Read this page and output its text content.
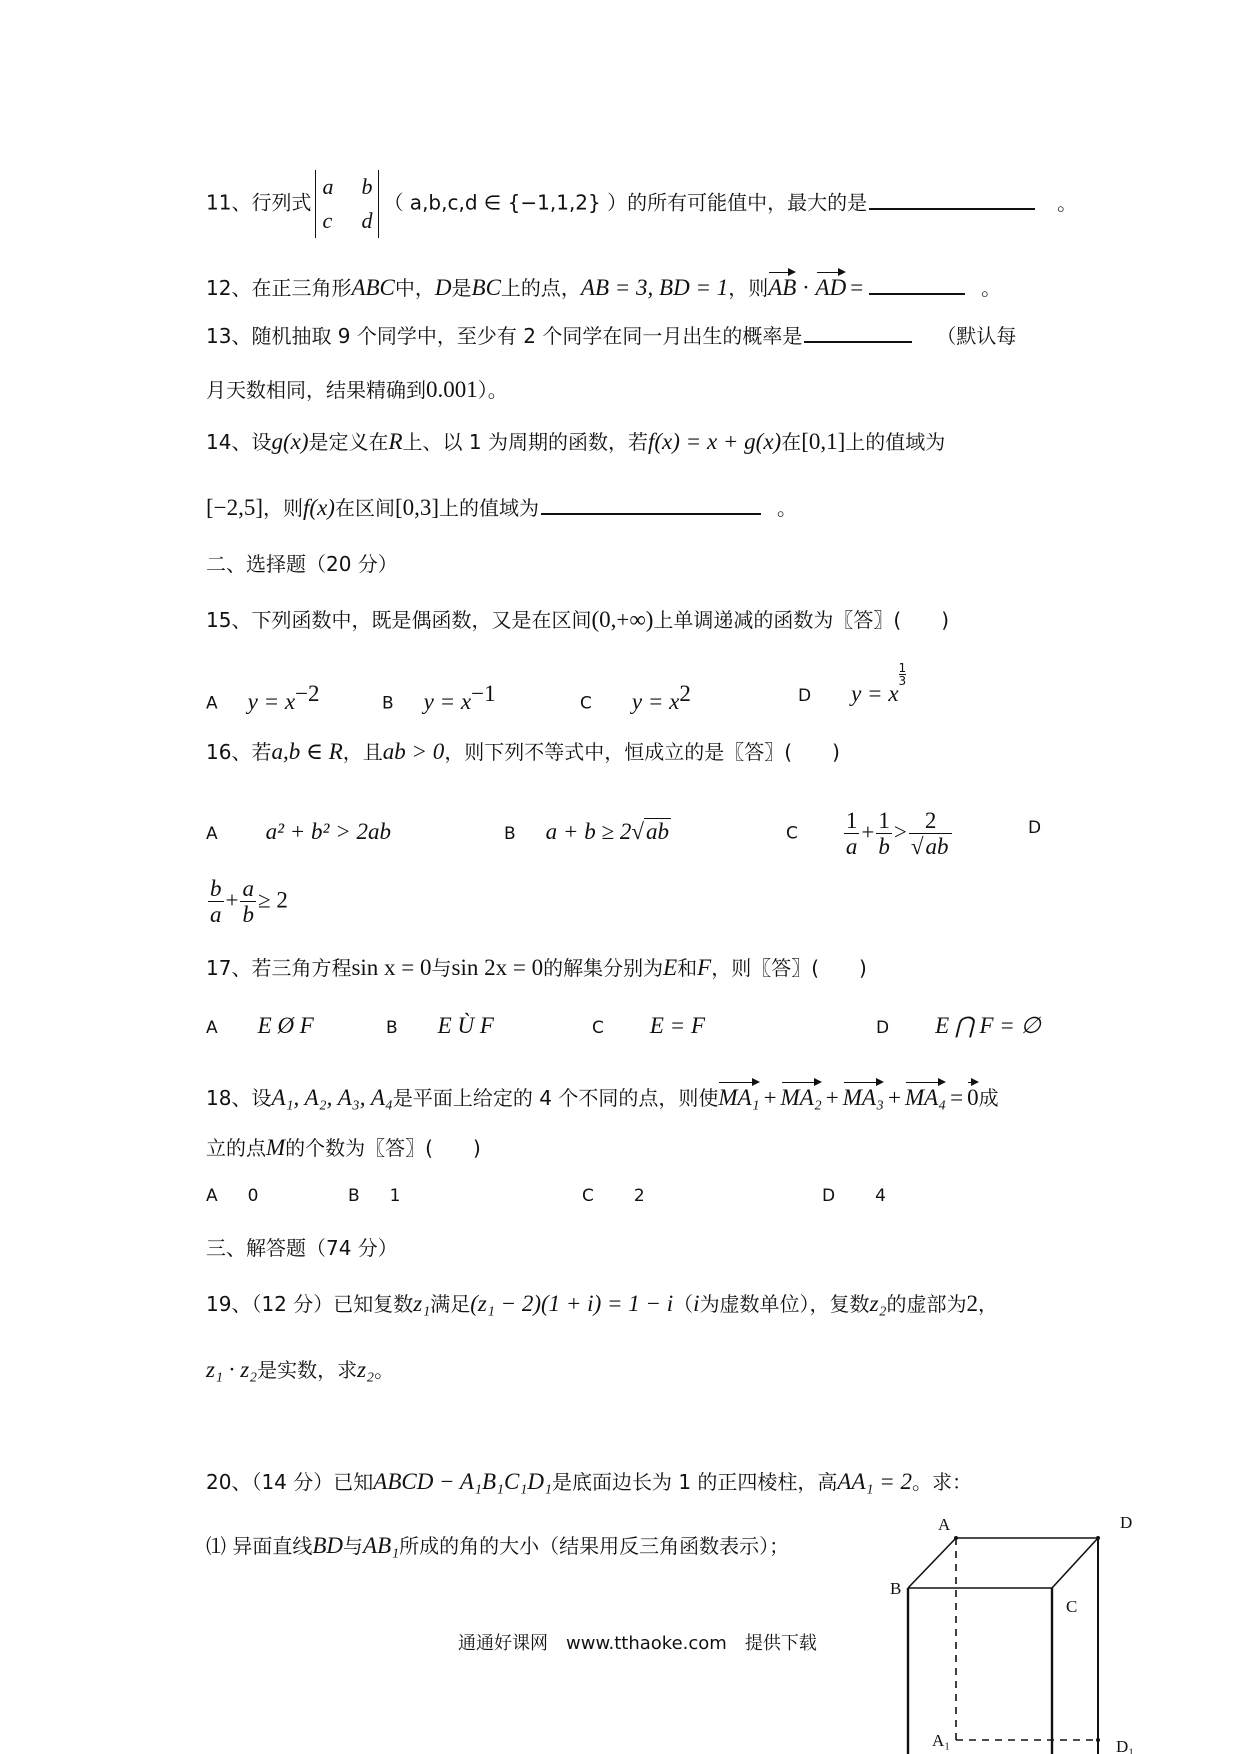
11、行列式a b
c d（ a,b,c,d ∈ {−1,1,2} ）的所有可能值中，最大的是	。
12、在正三角形ABC中，D是BC上的点，AB = 3, BD = 1，则AB · AD =	。
13、随机抽取 9 个同学中，至少有 2 个同学在同一月出生的概率是	（默认每
月天数相同，结果精确到0.001）。
14、设g(x)是定义在R上、以 1 为周期的函数，若f(x) = x + g(x)在[0,1]上的值域为
[−2,5]，则f(x)在区间[0,3]上的值域为	。
二、选择题（20 分）
15、下列函数中，既是偶函数，又是在区间(0,+∞)上单调递减的函数为〖答〗(　　)
A $y = x^{-2}$	B $y = x^{-1}$	C $y = x^2$	D y = x
$\frac{1}{3}$
16、若a,b ∈ R，且ab > 0，则下列不等式中，恒成立的是〖答〗(　　)
A a² + b² > 2ab	B a + b ≥ 2√ab	C $\frac{1}{a} + \frac{1}{b} > \frac{2}{√ab}$	D
$\frac{b}{a} + \frac{a}{b} \ge 2$
17、若三角方程sin x = 0与sin 2x = 0的解集分别为E和F，则〖答〗(　　)
A E Ø F	B E Ù F	C E = F	D E ⋂ F = ∅
18、设A₁, A₂, A₃, A₄是平面上给定的 4 个不同的点，则使MA₁ + MA₂ + MA₃ + MA₄ = 0成
立的点M的个数为〖答〗(　　)
A 0	B 1	C 2	D 4
三、解答题（74 分）
19、（12 分）已知复数z₁满足(z₁ − 2)(1 + i) = 1 − i（i为虚数单位），复数z₂的虚部为2，
z₁ · z₂是实数，求z₂。
20、（14 分）已知ABCD − A₁B₁C₁D₁是底面边长为 1 的正四棱柱，高AA₁ = 2。求：
⑴ 异面直线BD与AB₁所成的角的大小（结果用反三角函数表示）；
通通好课网　www.tthaoke.com　提供下载
A	D
B
C
A₁	D₁
